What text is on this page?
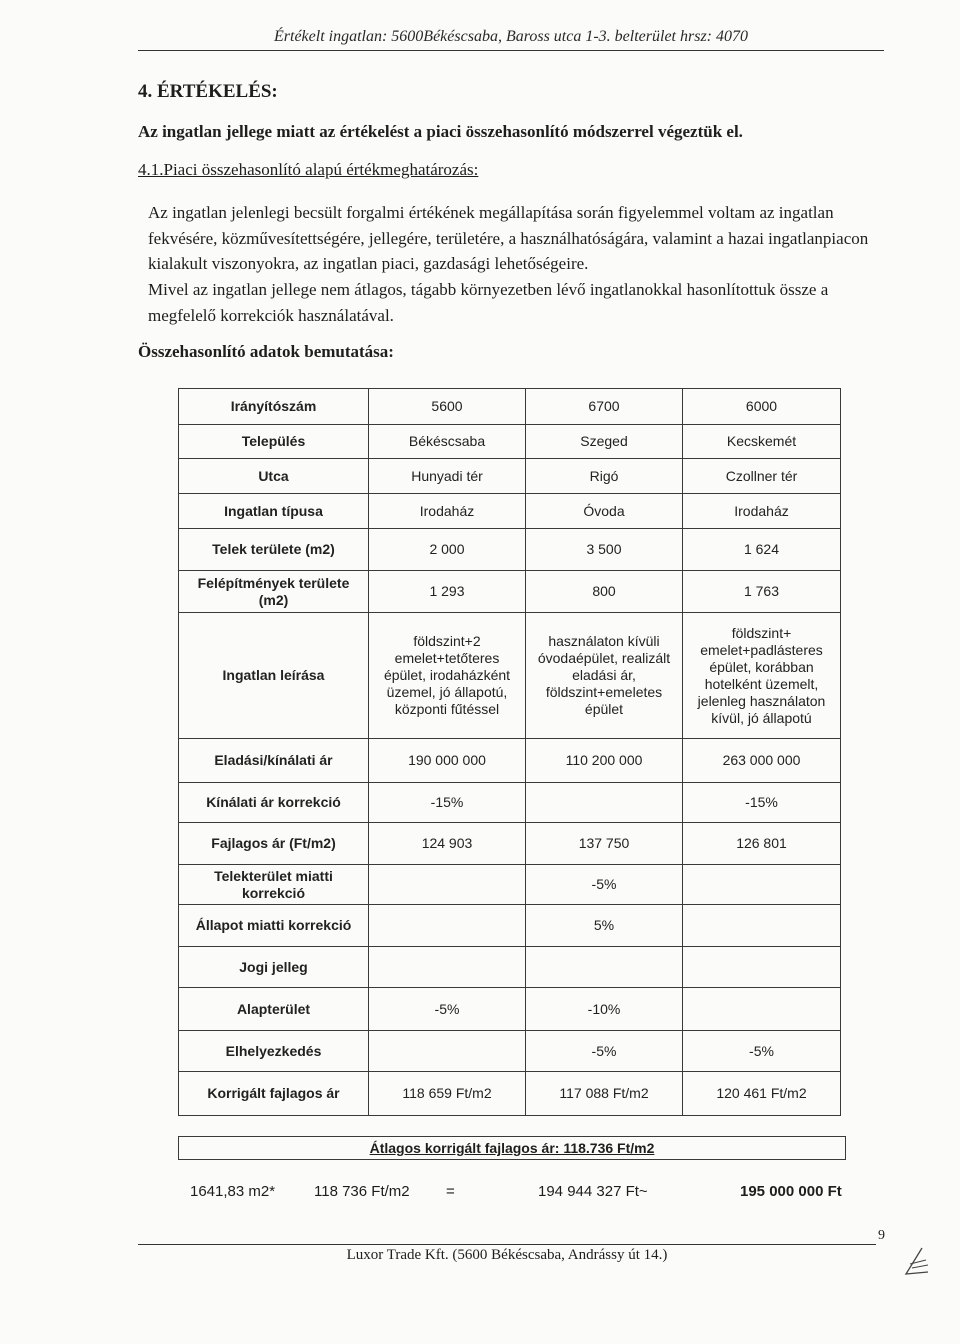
Értékelt ingatlan: 5600Békéscsaba, Baross utca 1-3. belterület hrsz: 4070
4. ÉRTÉKELÉS:
Az ingatlan jellege miatt az értékelést a piaci összehasonlító módszerrel végeztük el.
4.1.Piaci összehasonlító alapú értékmeghatározás:
Az ingatlan jelenlegi becsült forgalmi értékének megállapítása során figyelemmel voltam az ingatlan fekvésére, közművesítettségére, jellegére, területére, a használhatóságára, valamint a hazai ingatlanpiacon kialakult viszonyokra, az ingatlan piaci, gazdasági lehetőségeire.
Mivel az ingatlan jellege nem átlagos, tágabb környezetben lévő ingatlanokkal hasonlítottuk össze a megfelelő korrekciók használatával.
Összehasonlító adatok bemutatása:
Irányítószám	5600	6700	6000
Település	Békéscsaba	Szeged	Kecskemét
Utca	Hunyadi tér	Rigó	Czollner tér
Ingatlan típusa	Irodaház	Óvoda	Irodaház
Telek területe (m2)	2 000	3 500	1 624
Felépítmények területe (m2)	1 293	800	1 763
Ingatlan leírása	földszint+2 emelet+tetőteres épület, irodaházként üzemel, jó állapotú, központi fűtéssel	használaton kívüli óvodaépület, realizált eladási ár, földszint+emeletes épület	földszint+ emelet+padlásteres épület, korábban hotelként üzemelt, jelenleg használaton kívül, jó állapotú
Eladási/kínálati ár	190 000 000	110 200 000	263 000 000
Kínálati ár korrekció	-15%		-15%
Fajlagos ár (Ft/m2)	124 903	137 750	126 801
Telekterület miatti korrekció		-5%	
Állapot miatti korrekció		5%	
Jogi jelleg			
Alapterület	-5%	-10%	
Elhelyezkedés		-5%	-5%
Korrigált fajlagos ár	118 659 Ft/m2	117 088 Ft/m2	120 461 Ft/m2
Átlagos korrigált fajlagos ár: 118.736 Ft/m2
1641,83 m2*	118 736 Ft/m2 =	194 944 327 Ft~	195 000 000 Ft
9
Luxor Trade Kft. (5600 Békéscsaba, Andrássy út 14.)
